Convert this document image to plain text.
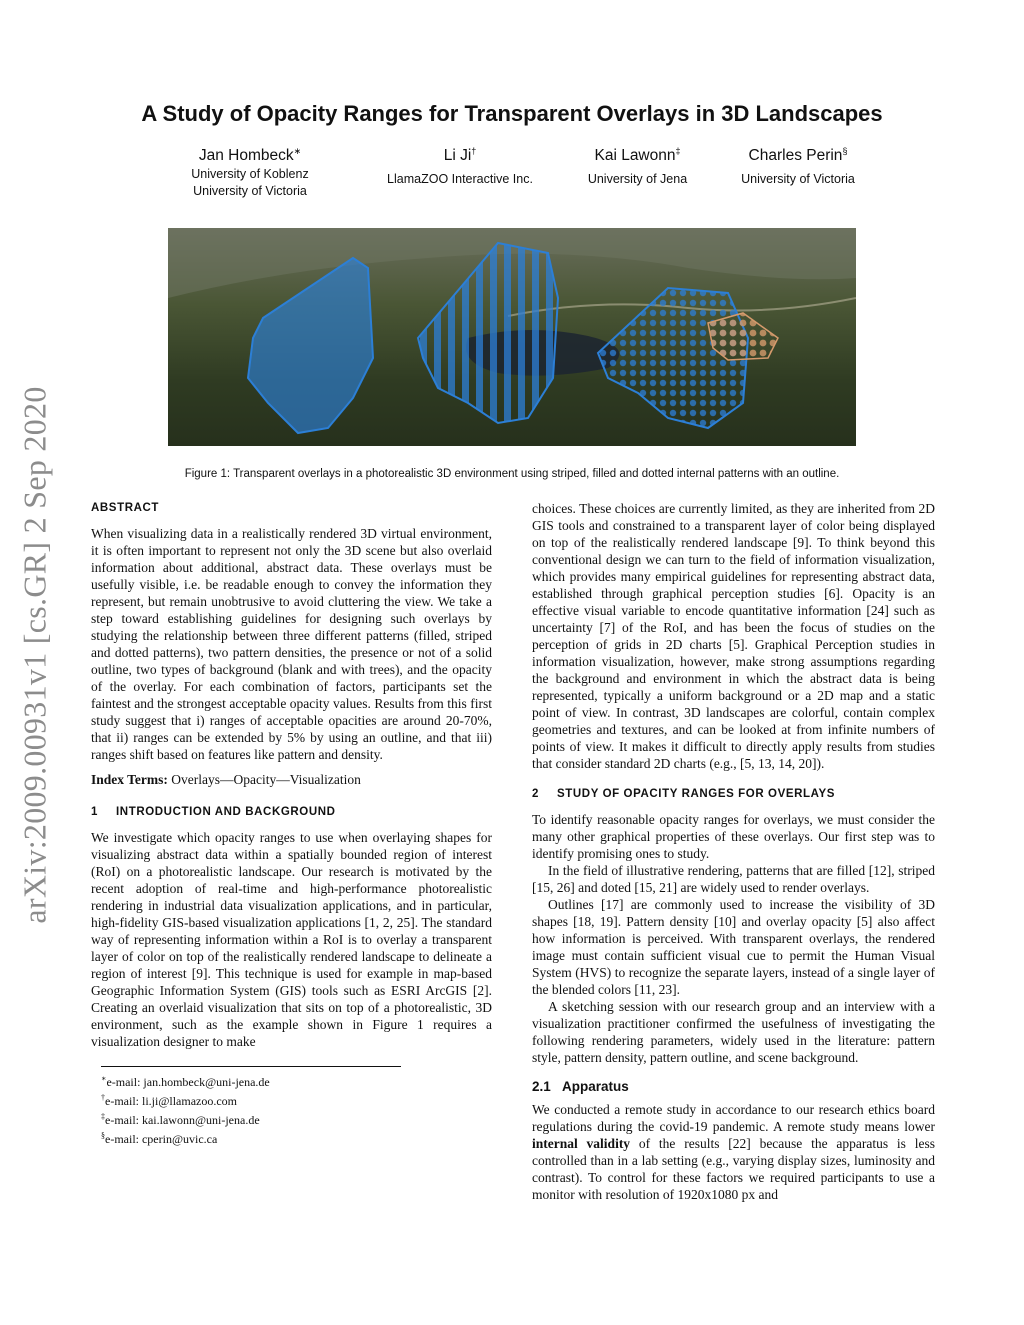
arXiv:2009.00931v1 [cs.GR] 2 Sep 2020
A Study of Opacity Ranges for Transparent Overlays in 3D Landscapes
Jan Hombeck∗
University of Koblenz
University of Victoria
Li Ji†
LlamaZOO Interactive Inc.
Kai Lawonn‡
University of Jena
Charles Perin§
University of Victoria
Figure 1: Transparent overlays in a photorealistic 3D environment using striped, filled and dotted internal patterns with an outline.
ABSTRACT

When visualizing data in a realistically rendered 3D virtual environment, it is often important to represent not only the 3D scene but also overlaid information about additional, abstract data. These overlays must be usefully visible, i.e. be readable enough to convey the information they represent, but remain unobtrusive to avoid cluttering the view. We take a step toward establishing guidelines for designing such overlays by studying the relationship between three different patterns (filled, striped and dotted patterns), two pattern densities, the presence or not of a solid outline, two types of background (blank and with trees), and the opacity of the overlay. For each combination of factors, participants set the faintest and the strongest acceptable opacity values. Results from this first study suggest that i) ranges of acceptable opacities are around 20-70%, that ii) ranges can be extended by 5% by using an outline, and that iii) ranges shift based on features like pattern and density.

Index Terms: Overlays—Opacity—Visualization

1 INTRODUCTION AND BACKGROUND

We investigate which opacity ranges to use when overlaying shapes for visualizing abstract data within a spatially bounded region of interest (RoI) on a photorealistic landscape. Our research is motivated by the recent adoption of real-time and high-performance photorealistic rendering in industrial data visualization applications, and in particular, high-fidelity GIS-based visualization applications [1, 2, 25]. The standard way of representing information within a RoI is to overlay a transparent layer of color on top of the realistically rendered landscape to delineate a region of interest [9]. This technique is used for example in map-based Geographic Information System (GIS) tools such as ESRI ArcGIS [2]. Creating an overlaid visualization that sits on top of a photorealistic, 3D environment, such as the example shown in Figure 1 requires a visualization designer to make

∗e-mail: jan.hombeck@uni-jena.de
†e-mail: li.ji@llamazoo.com
‡e-mail: kai.lawonn@uni-jena.de
§e-mail: cperin@uvic.ca

choices. These choices are currently limited, as they are inherited from 2D GIS tools and constrained to a transparent layer of color being displayed on top of the realistically rendered landscape [9]. To think beyond this conventional design we can turn to the field of information visualization, which provides many empirical guidelines for representing abstract data, established through graphical perception studies [6]. Opacity is an effective visual variable to encode quantitative information [24] such as uncertainty [7] of the RoI, and has been the focus of studies on the perception of grids in 2D charts [5]. Graphical Perception studies in information visualization, however, make strong assumptions regarding the background and environment in which the abstract data is being represented, typically a uniform background or a 2D map and a static point of view. In contrast, 3D landscapes are colorful, contain complex geometries and textures, and can be looked at from infinite numbers of points of view. It makes it difficult to directly apply results from studies that consider standard 2D charts (e.g., [5, 13, 14, 20]).

2 STUDY OF OPACITY RANGES FOR OVERLAYS

To identify reasonable opacity ranges for overlays, we must consider the many other graphical properties of these overlays. Our first step was to identify promising ones to study.

In the field of illustrative rendering, patterns that are filled [12], striped [15, 26] and doted [15, 21] are widely used to render overlays.

Outlines [17] are commonly used to increase the visibility of 3D shapes [18, 19]. Pattern density [10] and overlay opacity [5] also affect how information is perceived. With transparent overlays, the rendered image must contain sufficient visual cue to permit the Human Visual System (HVS) to recognize the separate layers, instead of a single layer of the blended colors [11, 23].

A sketching session with our research group and an interview with a visualization practitioner confirmed the usefulness of investigating the following rendering parameters, widely used in the literature: pattern style, pattern density, pattern outline, and scene background.

2.1 Apparatus

We conducted a remote study in accordance to our research ethics board regulations during the covid-19 pandemic. A remote study means lower internal validity of the results [22] because the apparatus is less controlled than in a lab setting (e.g., varying display sizes, luminosity and contrast). To control for these factors we required participants to use a monitor with resolution of 1920x1080 px and
